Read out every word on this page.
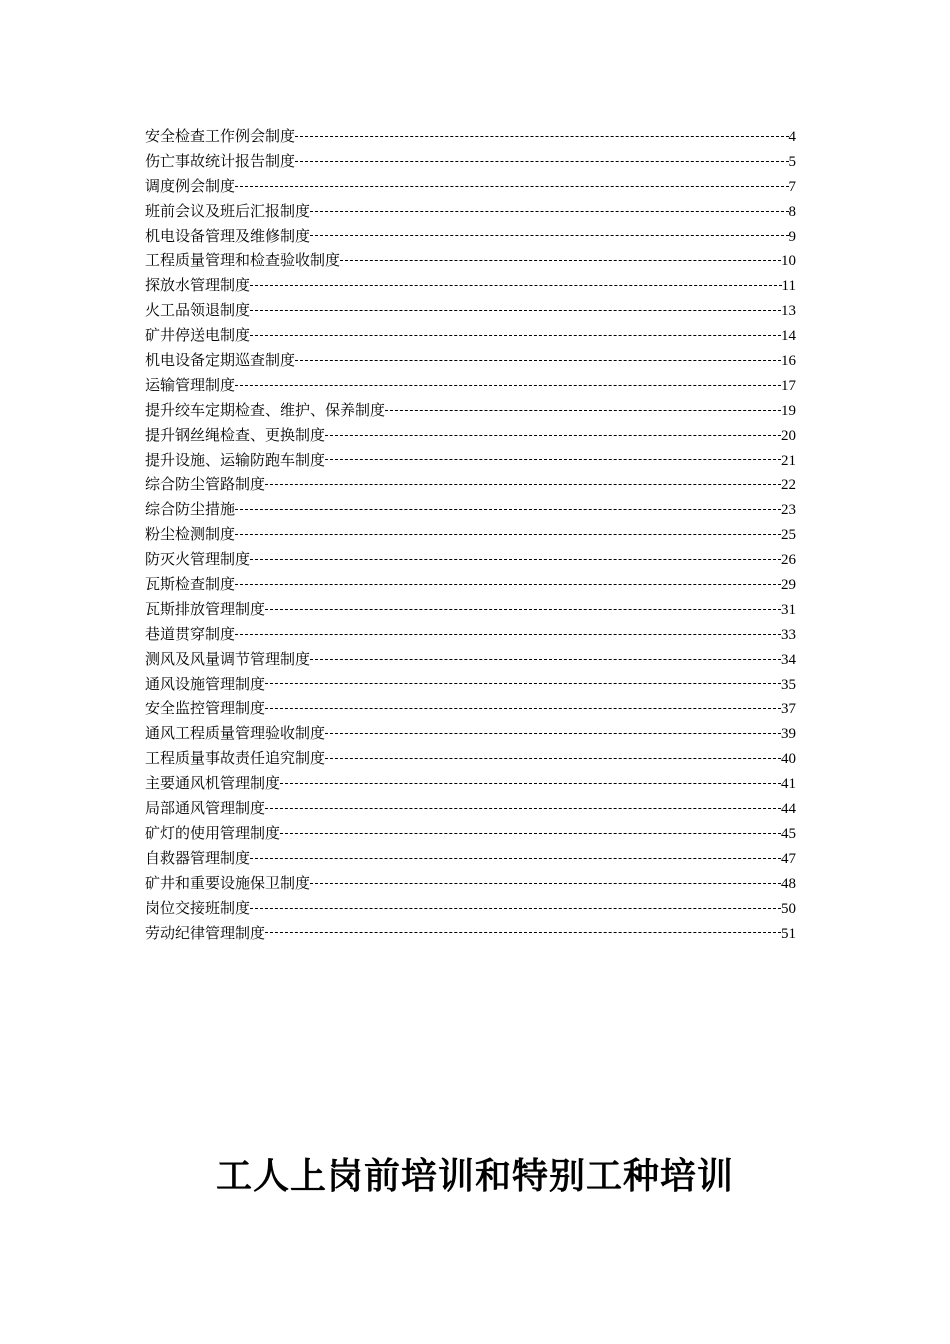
安全检查工作例会制度	4
伤亡事故统计报告制度	5
调度例会制度	7
班前会议及班后汇报制度	8
机电设备管理及维修制度	9
工程质量管理和检查验收制度	10
探放水管理制度	11
火工品领退制度	13
矿井停送电制度	14
机电设备定期巡查制度	16
运输管理制度	17
提升绞车定期检查、维护、保养制度	19
提升钢丝绳检查、更换制度	20
提升设施、运输防跑车制度	21
综合防尘管路制度	22
综合防尘措施	23
粉尘检测制度	25
防灭火管理制度	26
瓦斯检查制度	29
瓦斯排放管理制度	31
巷道贯穿制度	33
测风及风量调节管理制度	34
通风设施管理制度	35
安全监控管理制度	37
通风工程质量管理验收制度	39
工程质量事故责任追究制度	40
主要通风机管理制度	41
局部通风管理制度	44
矿灯的使用管理制度	45
自救器管理制度	47
矿井和重要设施保卫制度	48
岗位交接班制度	50
劳动纪律管理制度	51
工人上岗前培训和特别工种培训
